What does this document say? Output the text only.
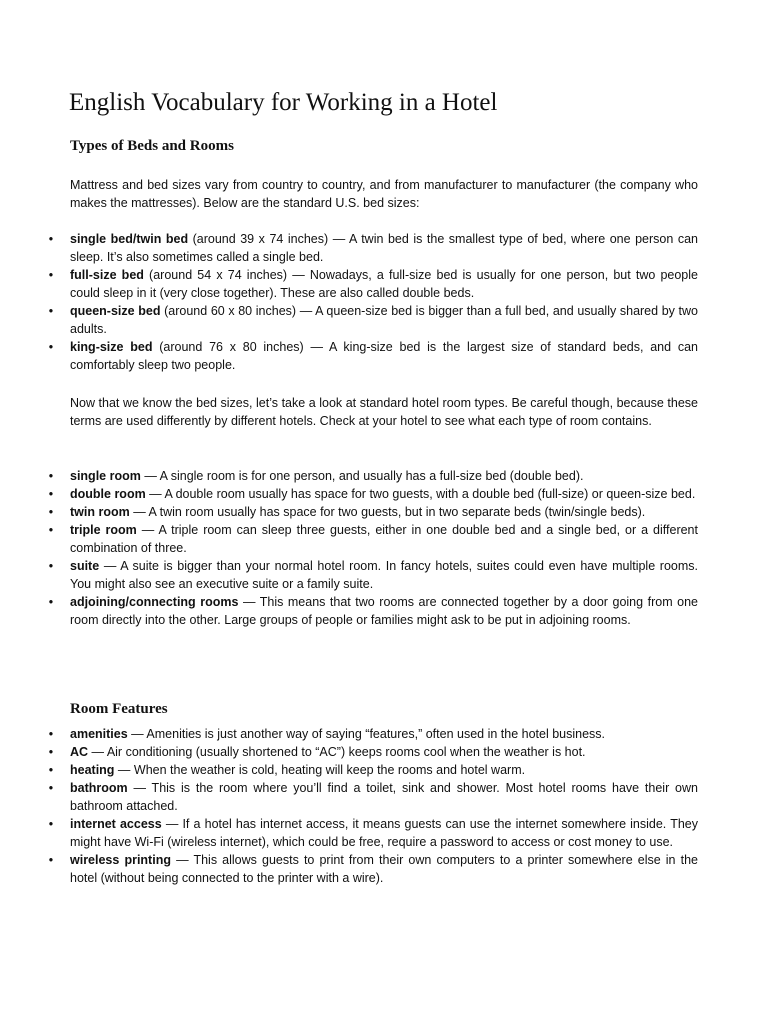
English Vocabulary for Working in a Hotel
Types of Beds and Rooms
Mattress and bed sizes vary from country to country, and from manufacturer to manufacturer (the company who makes the mattresses). Below are the standard U.S. bed sizes:
•	single bed/twin bed (around 39 x 74 inches) — A twin bed is the smallest type of bed, where one person can sleep. It’s also sometimes called a single bed.
•	full-size bed (around 54 x 74 inches) — Nowadays, a full-size bed is usually for one person, but two people could sleep in it (very close together). These are also called double beds.
•	queen-size bed (around 60 x 80 inches) — A queen-size bed is bigger than a full bed, and usually shared by two adults.
•	king-size bed (around 76 x 80 inches) — A king-size bed is the largest size of standard beds, and can comfortably sleep two people.
Now that we know the bed sizes, let’s take a look at standard hotel room types. Be careful though, because these terms are used differently by different hotels. Check at your hotel to see what each type of room contains.
•	single room — A single room is for one person, and usually has a full-size bed (double bed).
•	double room — A double room usually has space for two guests, with a double bed (full-size) or queen-size bed.
•	twin room — A twin room usually has space for two guests, but in two separate beds (twin/single beds).
•	triple room — A triple room can sleep three guests, either in one double bed and a single bed, or a different combination of three.
•	suite — A suite is bigger than your normal hotel room. In fancy hotels, suites could even have multiple rooms. You might also see an executive suite or a family suite.
•	adjoining/connecting rooms — This means that two rooms are connected together by a door going from one room directly into the other. Large groups of people or families might ask to be put in adjoining rooms.
Room Features
•	amenities — Amenities is just another way of saying “features,” often used in the hotel business.
•	AC — Air conditioning (usually shortened to “AC”) keeps rooms cool when the weather is hot.
•	heating — When the weather is cold, heating will keep the rooms and hotel warm.
•	bathroom — This is the room where you’ll find a toilet, sink and shower. Most hotel rooms have their own bathroom attached.
•	internet access — If a hotel has internet access, it means guests can use the internet somewhere inside. They might have Wi-Fi (wireless internet), which could be free, require a password to access or cost money to use.
•	wireless printing — This allows guests to print from their own computers to a printer somewhere else in the hotel (without being connected to the printer with a wire).
